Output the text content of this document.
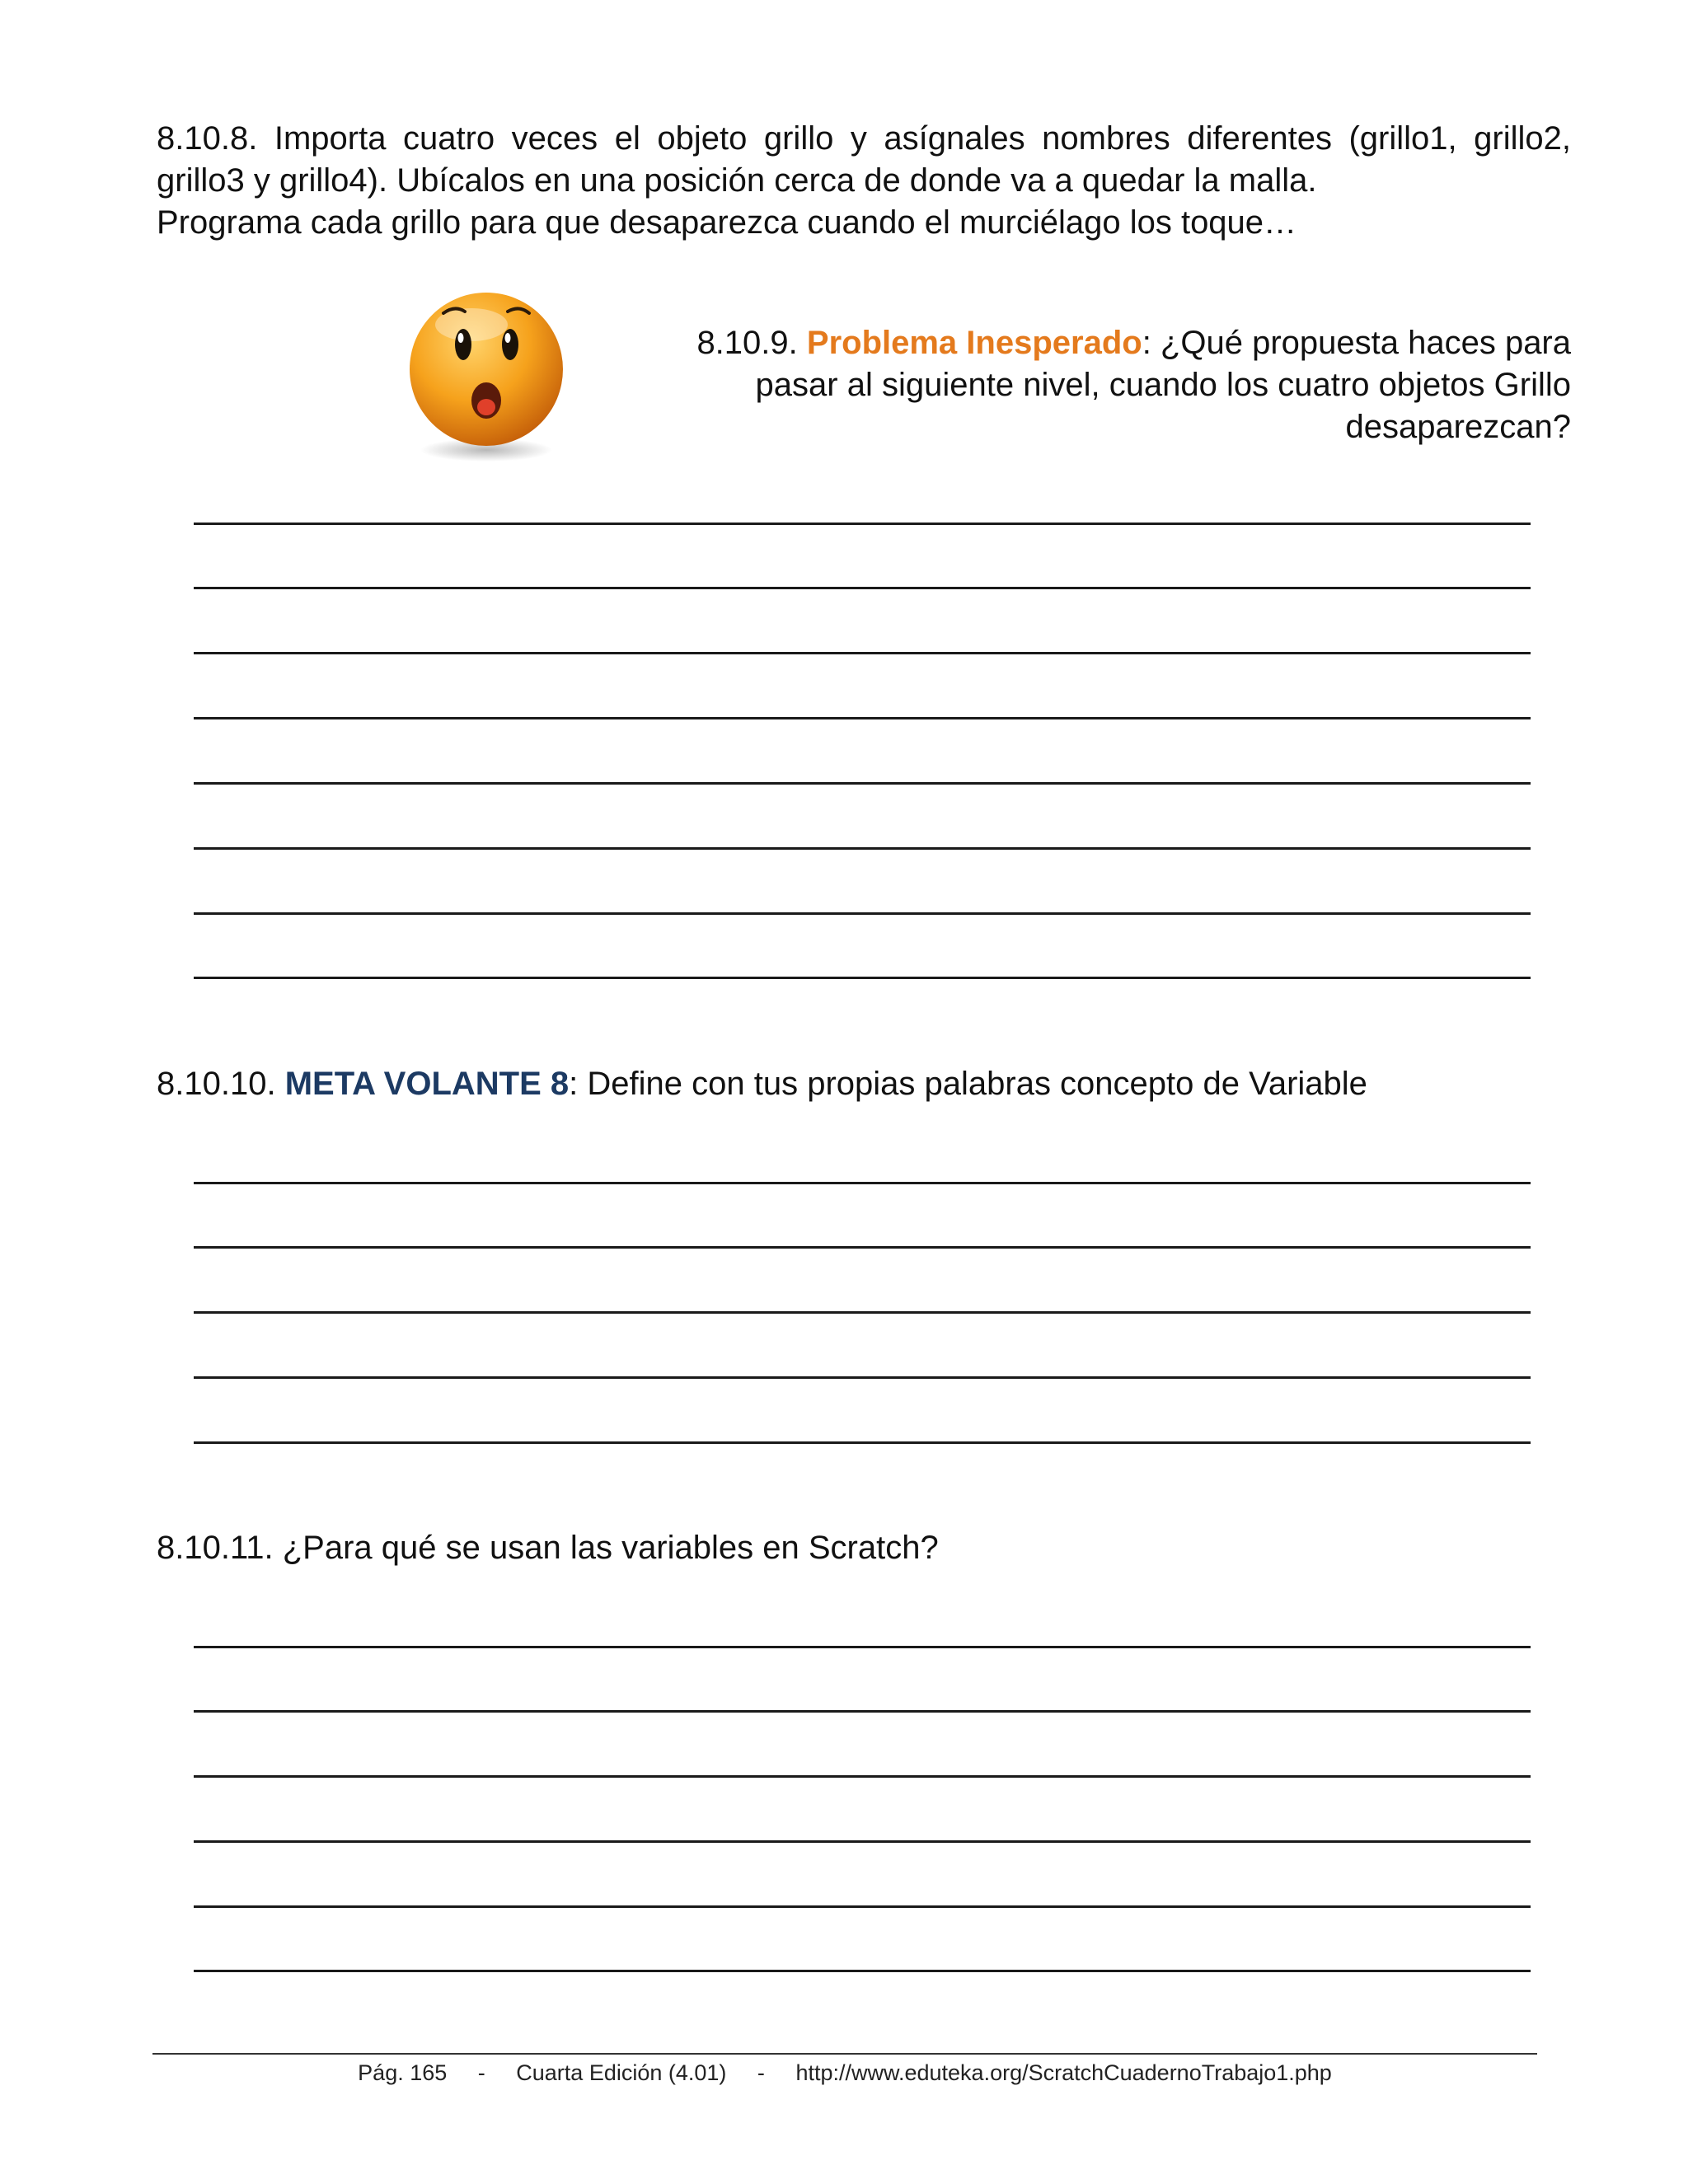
8.10.8. Importa cuatro veces el objeto grillo y asígnales nombres diferentes (grillo1, grillo2, grillo3 y grillo4). Ubícalos en una posición cerca de donde va a quedar la malla.
Programa cada grillo para que desaparezca cuando el murciélago los toque…

8.10.9. Problema Inesperado: ¿Qué propuesta haces para pasar al siguiente nivel, cuando los cuatro objetos Grillo desaparezcan?

8.10.10. META VOLANTE 8: Define con tus propias palabras concepto de Variable

8.10.11. ¿Para qué se usan las variables en Scratch?

Pág. 165     -     Cuarta Edición (4.01)     -     http://www.eduteka.org/ScratchCuadernoTrabajo1.php
